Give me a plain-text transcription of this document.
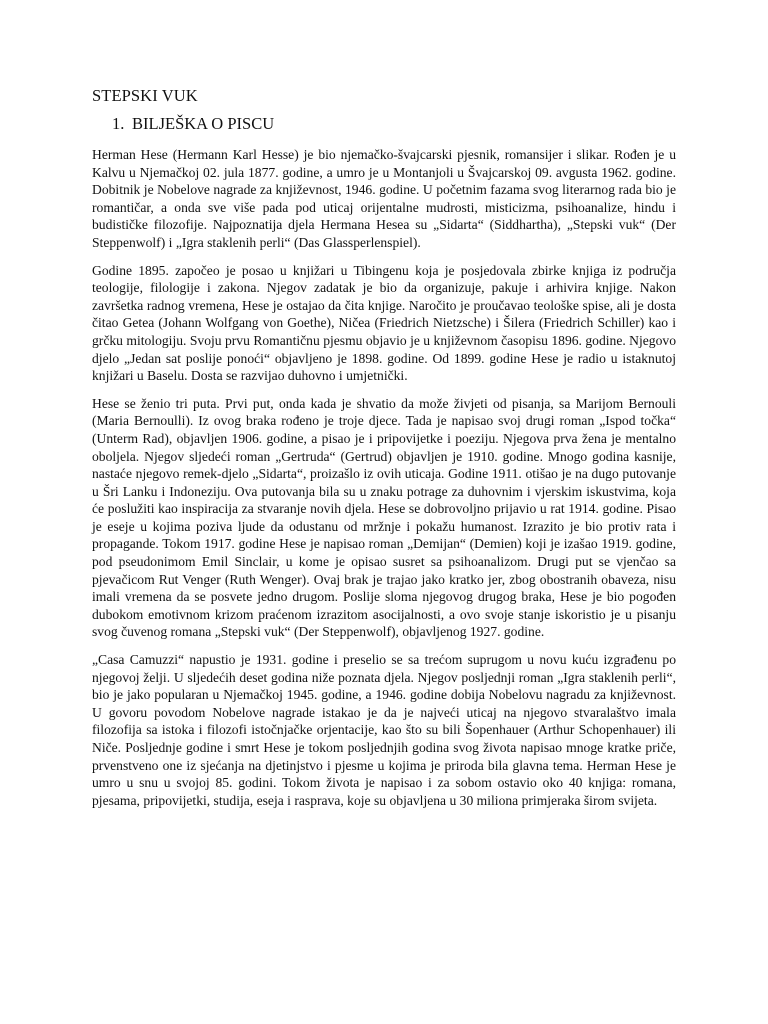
STEPSKI VUK
1. BILJEŠKA O PISCU

Herman Hese (Hermann Karl Hesse) je bio njemačko-švajcarski pjesnik, romansijer i slikar. Rođen je u Kalvu u Njemačkoj 02. jula 1877. godine, a umro je u Montanjoli u Švajcarskoj 09. avgusta 1962. godine. Dobitnik je Nobelove nagrade za književnost, 1946. godine. U početnim fazama svog literarnog rada bio je romantičar, a onda sve više pada pod uticaj orijentalne mudrosti, misticizma, psihoanalize, hindu i budističke filozofije. Najpoznatija djela Hermana Hesea su „Sidarta“ (Siddhartha), „Stepski vuk“ (Der Steppenwolf) i „Igra staklenih perli“ (Das Glassperlenspiel).

Godine 1895. započeo je posao u knjižari u Tibingenu koja je posjedovala zbirke knjiga iz područja teologije, filologije i zakona. Njegov zadatak je bio da organizuje, pakuje i arhivira knjige. Nakon završetka radnog vremena, Hese je ostajao da čita knjige. Naročito je proučavao teološke spise, ali je dosta čitao Getea (Johann Wolfgang von Goethe), Ničea (Friedrich Nietzsche) i Šilera (Friedrich Schiller) kao i grčku mitologiju. Svoju prvu Romantičnu pjesmu objavio je u književnom časopisu 1896. godine. Njegovo djelo „Jedan sat poslije ponoći“ objavljeno je 1898. godine. Od 1899. godine Hese je radio u istaknutoj knjižari u Baselu. Dosta se razvijao duhovno i umjetnički.

Hese se ženio tri puta. Prvi put, onda kada je shvatio da može živjeti od pisanja, sa Marijom Bernouli (Maria Bernoulli). Iz ovog braka rođeno je troje djece. Tada je napisao svoj drugi roman „Ispod točka“ (Unterm Rad), objavljen 1906. godine, a pisao je i pripovijetke i poeziju. Njegova prva žena je mentalno oboljela. Njegov sljedeći roman „Gertruda“ (Gertrud) objavljen je 1910. godine. Mnogo godina kasnije, nastaće njegovo remek-djelo „Sidarta“, proizašlo iz ovih uticaja. Godine 1911. otišao je na dugo putovanje u Šri Lanku i Indoneziju. Ova putovanja bila su u znaku potrage za duhovnim i vjerskim iskustvima, koja će poslužiti kao inspiracija za stvaranje novih djela. Hese se dobrovoljno prijavio u rat 1914. godine. Pisao je eseje u kojima poziva ljude da odustanu od mržnje i pokažu humanost. Izrazito je bio protiv rata i propagande. Tokom 1917. godine Hese je napisao roman „Demijan“ (Demien) koji je izašao 1919. godine, pod pseudonimom Emil Sinclair, u kome je opisao susret sa psihoanalizom. Drugi put se vjenčao sa pjevačicom Rut Venger (Ruth Wenger). Ovaj brak je trajao jako kratko jer, zbog obostranih obaveza, nisu imali vremena da se posvete jedno drugom. Poslije sloma njegovog drugog braka, Hese je bio pogođen dubokom emotivnom krizom praćenom izrazitom asocijalnosti, a ovo svoje stanje iskoristio je u pisanju svog čuvenog romana „Stepski vuk“ (Der Steppenwolf), objavljenog 1927. godine.

„Casa Camuzzi“ napustio je 1931. godine i preselio se sa trećom suprugom u novu kuću izgrađenu po njegovoj želji. U sljedećih deset godina niže poznata djela. Njegov posljednji roman „Igra staklenih perli“, bio je jako popularan u Njemačkoj 1945. godine, a 1946. godine dobija Nobelovu nagradu za književnost. U govoru povodom Nobelove nagrade istakao je da je najveći uticaj na njegovo stvaralaštvo imala filozofija sa istoka i filozofi istočnjačke orjentacije, kao što su bili Šopenhauer (Arthur Schopenhauer) ili Niče. Posljednje godine i smrt Hese je tokom posljednjih godina svog života napisao mnoge kratke priče, prvenstveno one iz sjećanja na djetinjstvo i pjesme u kojima je priroda bila glavna tema. Herman Hese je umro u snu u svojoj 85. godini. Tokom života je napisao i za sobom ostavio oko 40 knjiga: romana, pjesama, pripovijetki, studija, eseja i rasprava, koje su objavljena u 30 miliona primjeraka širom svijeta.
